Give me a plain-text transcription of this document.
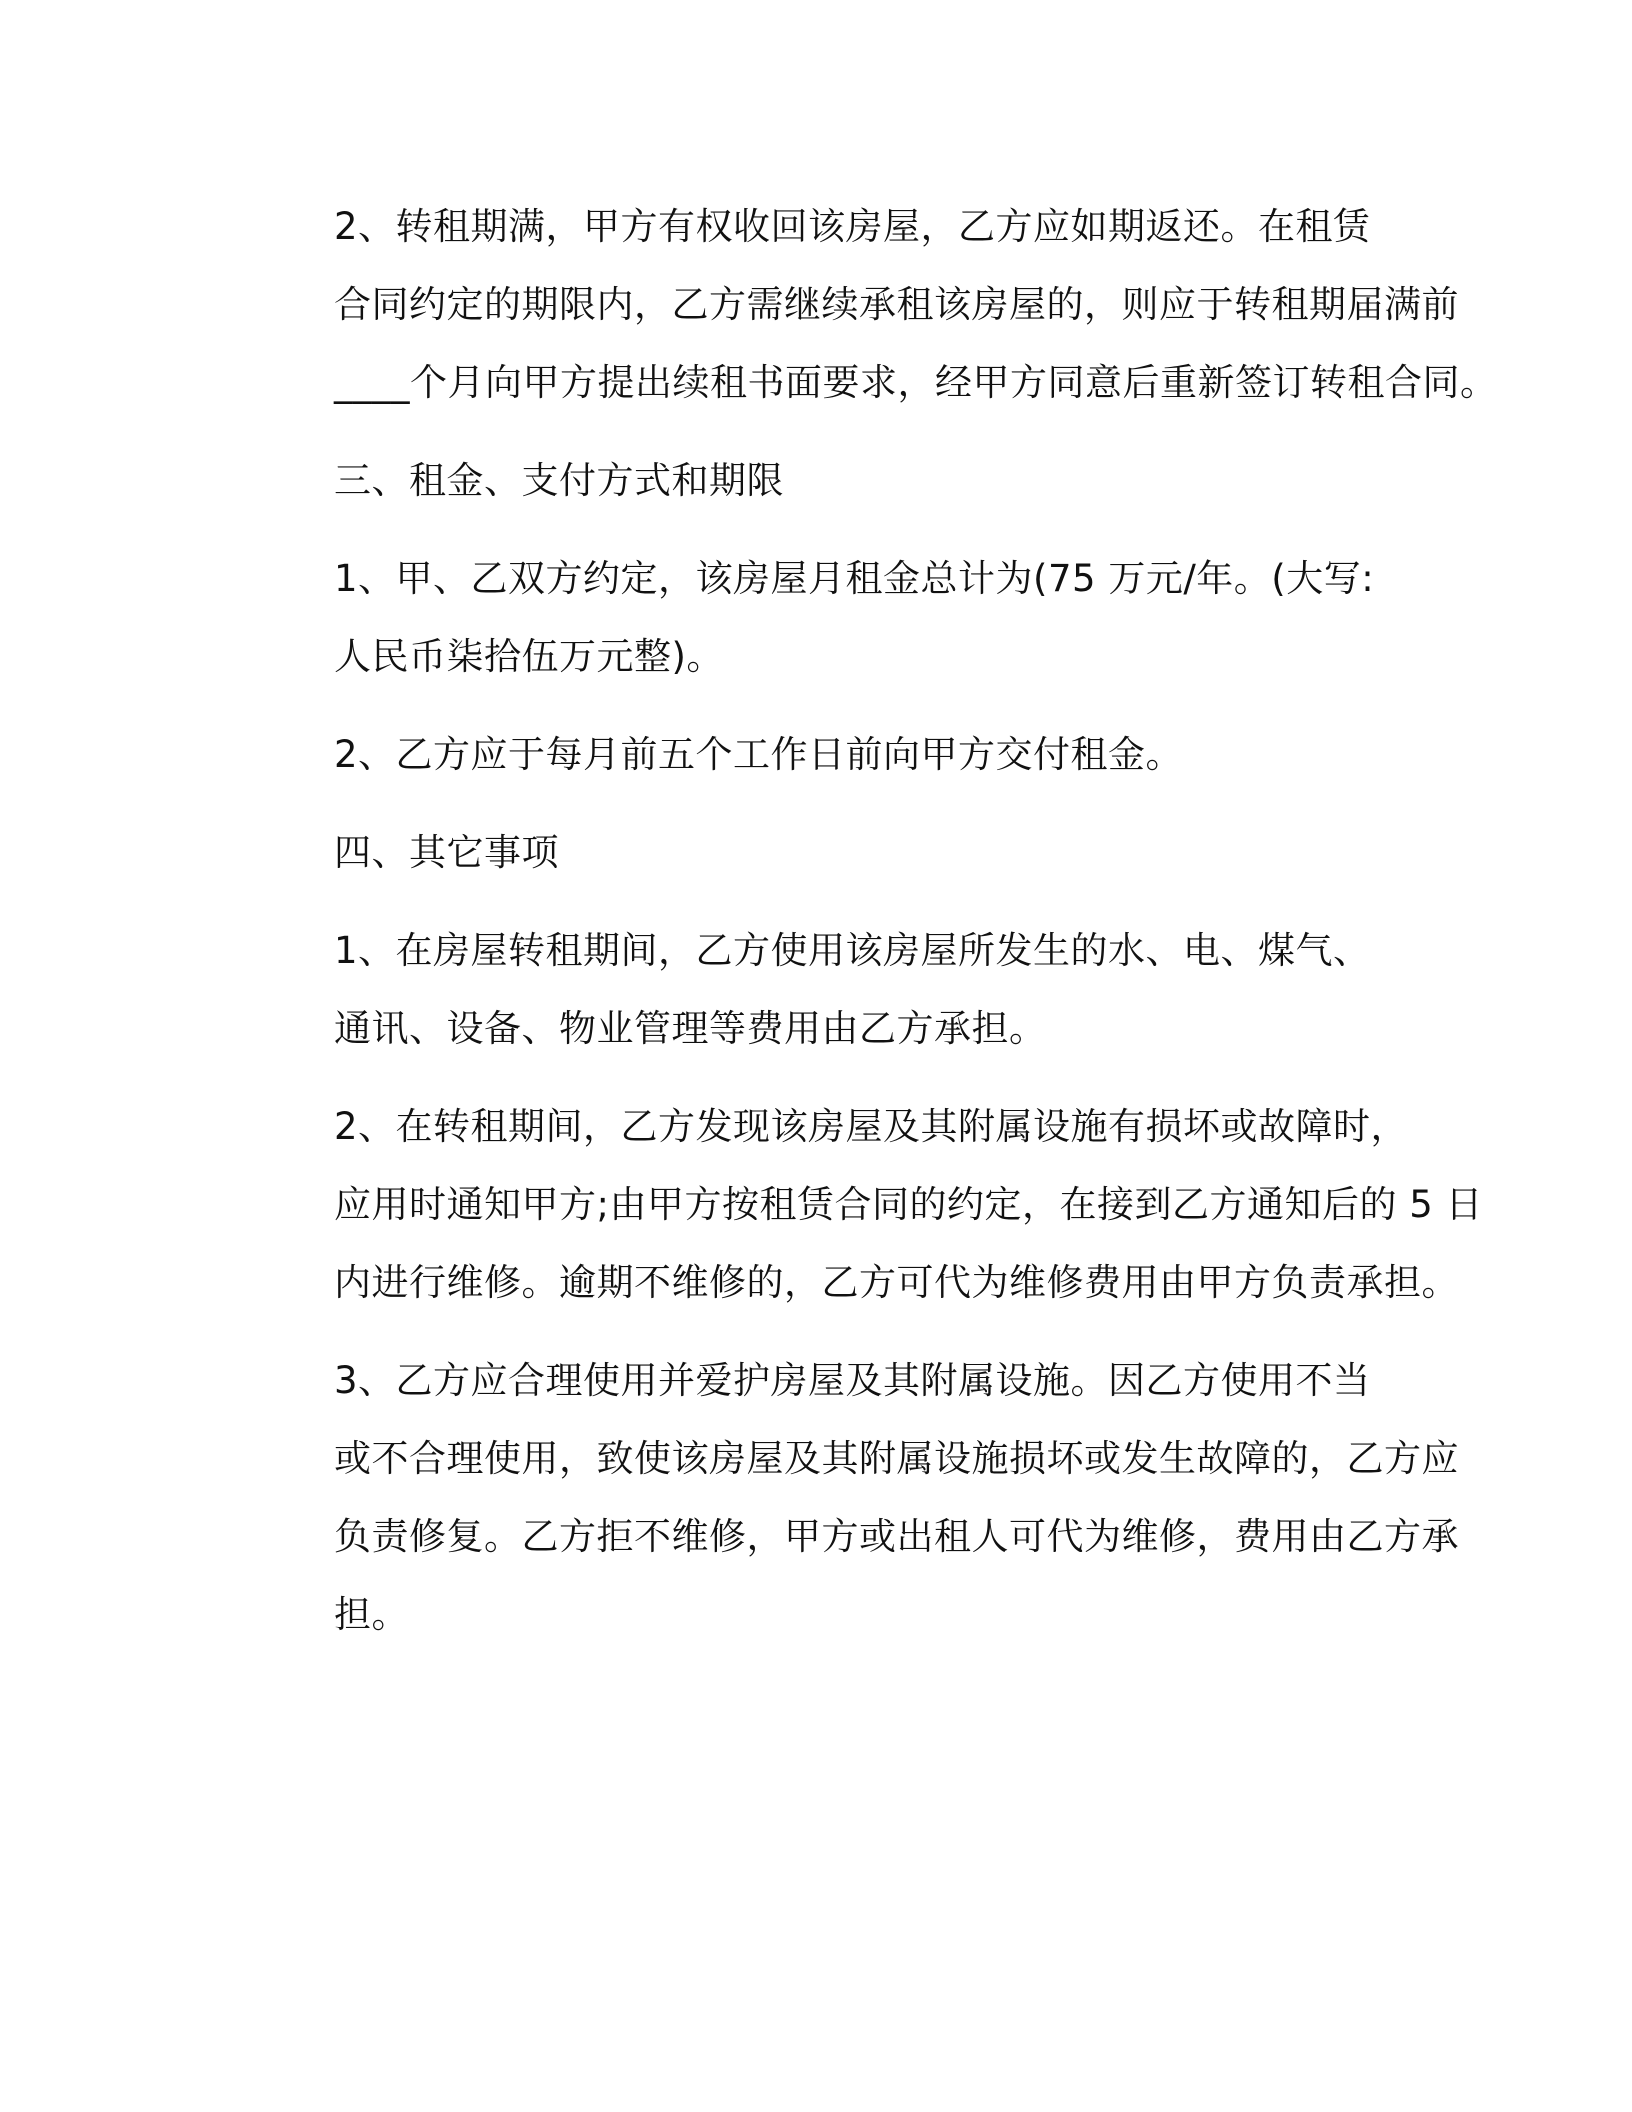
2、转租期满，甲方有权收回该房屋，乙方应如期返还。在租赁
合同约定的期限内，乙方需继续承租该房屋的，则应于转租期届满前
____个月向甲方提出续租书面要求，经甲方同意后重新签订转租合同。

三、租金、支付方式和期限

1、甲、乙双方约定，该房屋月租金总计为(75 万元/年。(大写:
人民币柒拾伍万元整)。

2、乙方应于每月前五个工作日前向甲方交付租金。

四、其它事项

1、在房屋转租期间，乙方使用该房屋所发生的水、电、煤气、
通讯、设备、物业管理等费用由乙方承担。

2、在转租期间，乙方发现该房屋及其附属设施有损坏或故障时，
应用时通知甲方;由甲方按租赁合同的约定，在接到乙方通知后的 5 日
内进行维修。逾期不维修的，乙方可代为维修费用由甲方负责承担。

3、乙方应合理使用并爱护房屋及其附属设施。因乙方使用不当
或不合理使用，致使该房屋及其附属设施损坏或发生故障的，乙方应
负责修复。乙方拒不维修，甲方或出租人可代为维修，费用由乙方承
担。
